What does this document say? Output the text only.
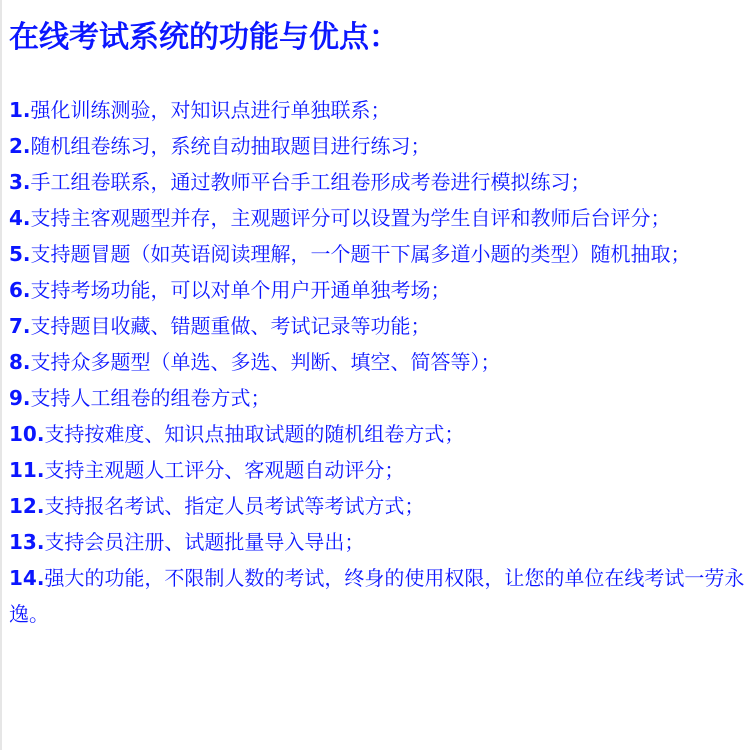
在线考试系统的功能与优点：
1.强化训练测验，对知识点进行单独联系；
2.随机组卷练习，系统自动抽取题目进行练习；
3.手工组卷联系，通过教师平台手工组卷形成考卷进行模拟练习；
4.支持主客观题型并存，主观题评分可以设置为学生自评和教师后台评分；
5.支持题冒题（如英语阅读理解，一个题干下属多道小题的类型）随机抽取；
6.支持考场功能，可以对单个用户开通单独考场；
7.支持题目收藏、错题重做、考试记录等功能；
8.支持众多题型（单选、多选、判断、填空、简答等）；
9.支持人工组卷的组卷方式；
10.支持按难度、知识点抽取试题的随机组卷方式；
11.支持主观题人工评分、客观题自动评分；
12.支持报名考试、指定人员考试等考试方式；
13.支持会员注册、试题批量导入导出；
14.强大的功能，不限制人数的考试，终身的使用权限，让您的单位在线考试一劳永逸。
